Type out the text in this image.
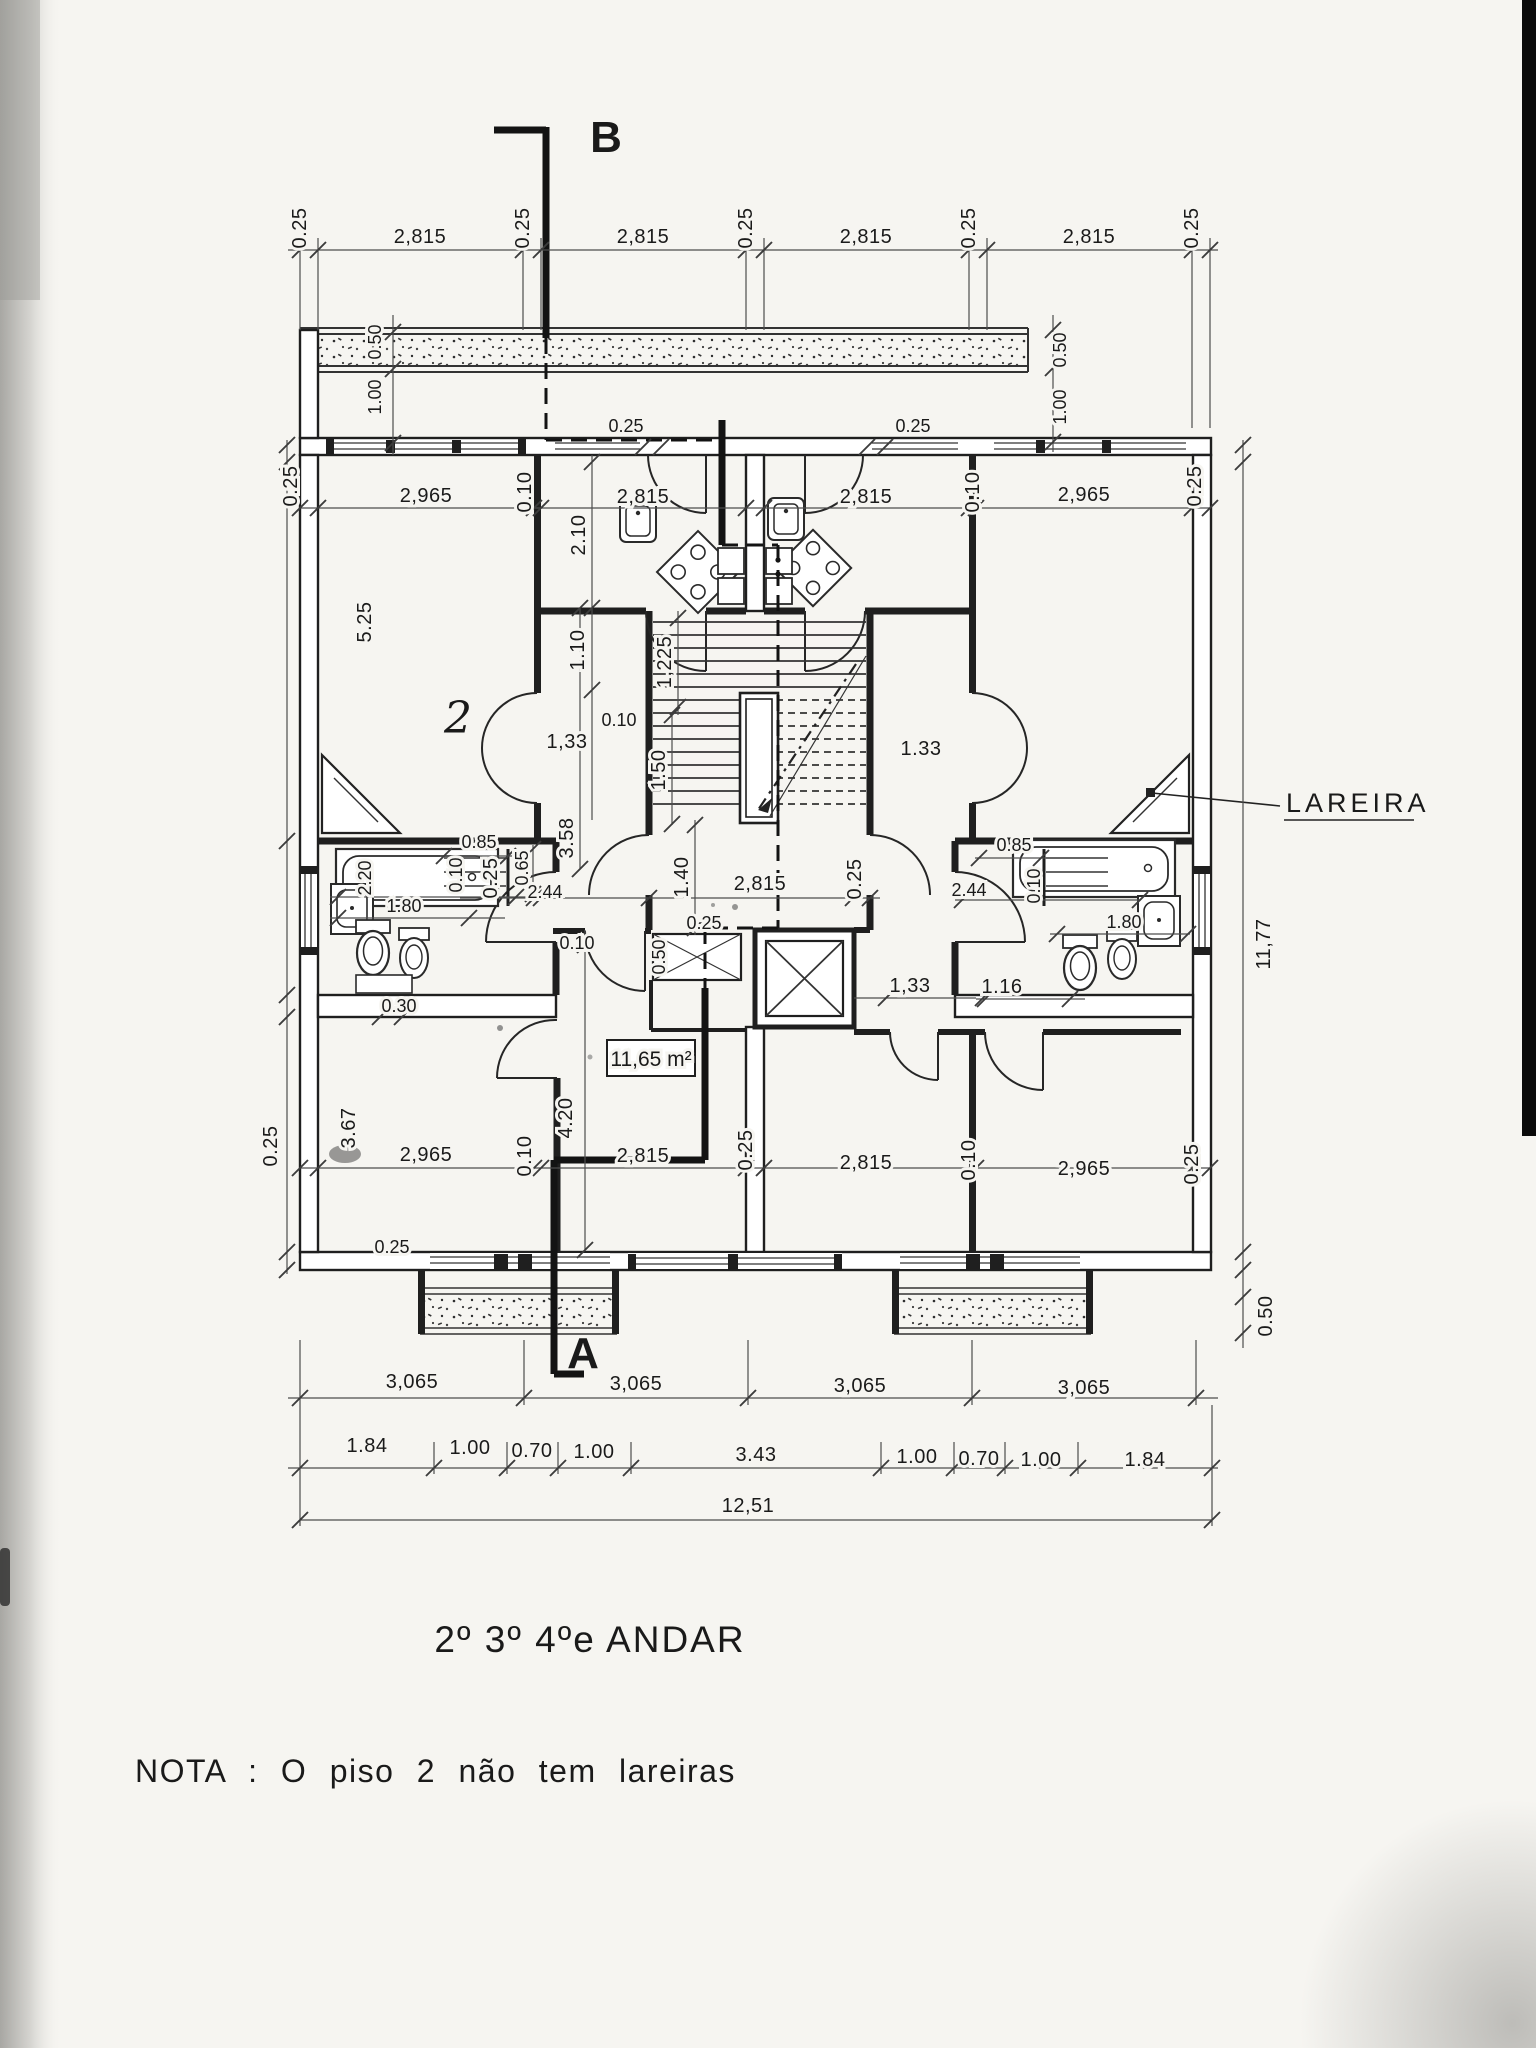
0.25	2,815	0.25	2,815	0.25	2,815	0.25	2,815	0.25
0.25	2,965	0.10	2,815
0.25	0.25
2,815	0.10	2,965	0.25
0.50
1.00
0.50
1.00
5.25
2.10
1.10	1,225
1.50
0.10
1,33	1.33
3.58
0.25	2,815	0.25
1.40
0.85
0.65
2.44
2.20	0.10
1.80
0.30
0.85
2.44 0.10
1.80
0.25
0.50
0.10
1,33	1.16
0.25	3.67
0.25
4.20
2,965	0.10	2,815	0.25	2,815	0.10	2,965	0.25
11,77
0.50
3,065	3,065	3,065	3,065
1.84	1.00 0.70 1.00	3.43	1.00 0.70 1.00	1.84
12,51
B
A
11,65 m²
LAREIRA
2
2º 3º 4ºe ANDAR
NOTA : O piso 2 não tem lareiras
